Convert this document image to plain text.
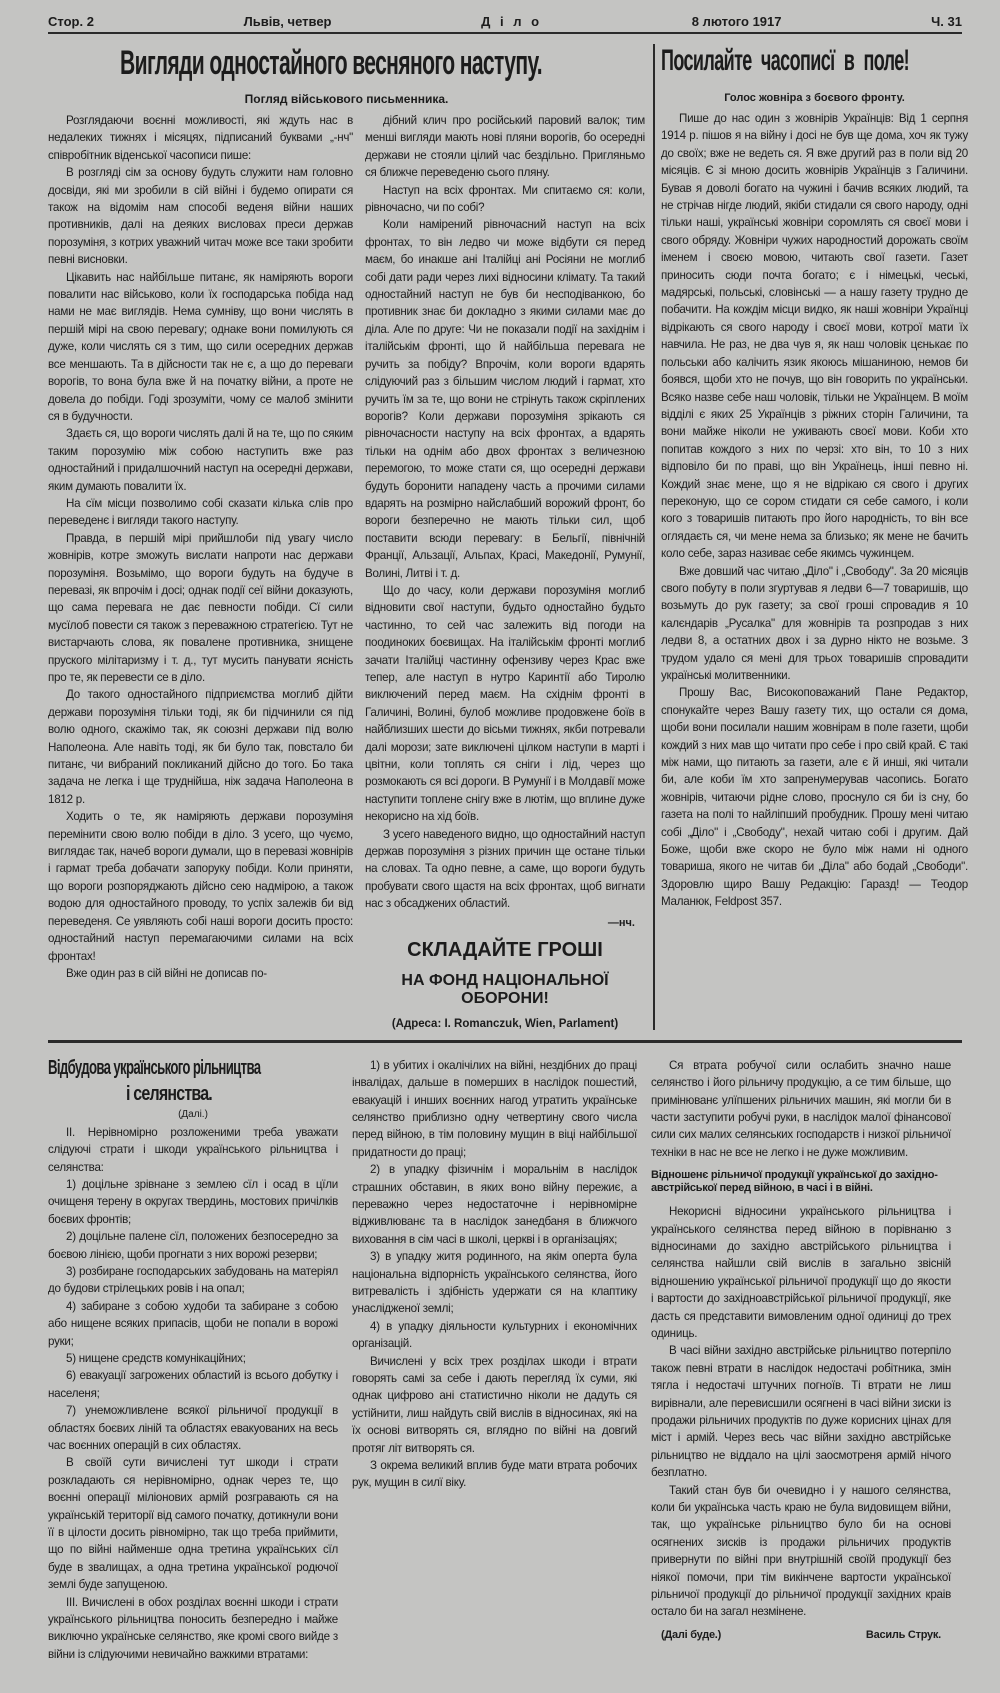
Стор. 2	Львів, четвер	Д і л о	8 лютого 1917	Ч. 31
Вигляди одностайного весняного наступу.
Погляд військового письменника.

Розглядаючи воєнні можливості, які ждуть нас в недалеких тижнях і місяцях, підписаний буквами „-нч" співробітник віденської часописи пише:

В розгляді сім за основу будуть служити нам головно досвіди, які ми зробили в сій війні і будемо опирати ся також на відомім нам способі веденя війни наших противників, далі на деяких висловах преси держав порозуміня, з котрих уважний читач може все таки зробити певні висновки.

Цікавить нас найбільше питанє, як наміряють вороги повалити нас військово, коли їх господарська побіда над нами не має виглядів. Нема сумніву, що вони числять в першій мірі на свою перевагу; однаке вони помилують ся дуже, коли числять ся з тим, що сили осередних держав все меншають. Та в дійсности так не є, а що до переваги ворогів, то вона була вже й на початку війни, а проте не довела до побіди. Годі зрозуміти, чому се малоб змінити ся в будучности.

Здаєть ся, що вороги числять далі й на те, що по сяким таким порозумію між собою наступить вже раз одностайний і придалшочний наступ на осередні держави, яким думають повалити їх.

На сїм місци позволимо собі сказати кілька слів про переведенє і вигляди такого наступу.

Правда, в першій мірі прийшлоби під увагу число жовнірів, котре зможуть вислати напроти нас держави порозуміня. Возьмімо, що вороги будуть на будуче в перевазі, як впрочім і досі; однак події сеї війни доказують, що сама перевага не дає певности побіди. Сї сили мусїлоб повести ся також з переважною стратегією. Тут не вистарчають слова, як повалене противника, знищене пруского мілітаризму і т. д., тут мусить панувати ясність про те, як перевести се в діло.

До такого одностайного підприємства моглиб дійти держави порозуміня тільки тоді, як би підчинили ся під волю одного, скажімо так, як союзні держави під волю Наполеона. Але навіть тоді, як би було так, повстало би питанє, чи вибраний покликаний дійсно до того. Бо така задача не легка і ще труднійша, ніж задача Наполеона в 1812 р.

Ходить о те, як наміряють держави порозуміня перемінити свою волю побіди в діло. З усего, що чуємо, виглядає так, начеб вороги думали, що в перевазі жовнірів і гармат треба добачати запоруку побіди. Коли приняти, що вороги розпоряджають дійсно сею надмірою, а також водою для одностайного проводу, то успіх залежів би від переведеня. Се уявляють собі наші вороги досить просто: одностайний наступ перемагаючими силами на всіх фронтах!

Вже один раз в сій війні не дописав по-

дібний клич про російський паровий валок; тим менші вигляди мають нові пляни ворогів, бо осередні держави не стояли цілий час бездільно. Пригляньмо ся ближче переведеню сього пляну.

Наступ на всіх фронтах. Ми спитаємо ся: коли, рівночасно, чи по собі?

Коли намірений рівночасний наступ на всіх фронтах, то він ледво чи може відбути ся перед маєм, бо инакше ані Італійці ані Росіяни не моглиб собі дати ради через лихі відносини клімату. Та такий одностайний наступ не був би несподіванкою, бо противник знає би докладно з якими силами має до діла. Але по друге: Чи не показали події на західнім і італійськім фронті, що й найбільша перевага не ручить за побіду? Впрочім, коли вороги вдарять слідуючий раз з більшим числом людий і гармат, хто ручить їм за те, що вони не стрінуть також скріплених ворогів? Коли держави порозуміня зрікають ся рівночасности наступу на всіх фронтах, а вдарять тільки на однім або двох фронтах з величезною перемогою, то може стати ся, що осередні держави будуть боронити нападену часть а прочими силами вдарять на розмірно найслабший ворожий фронт, бо вороги безперечно не мають тільки сил, щоб поставити всюди перевагу: в Бельгії, північній Франції, Альзації, Альпах, Красі, Македонії, Румунії, Волині, Литві і т. д.

Що до часу, коли держави порозуміня моглиб відновити свої наступи, будьто одностайно будьто частинно, то сей час залежить від погоди на поодиноких боєвищах. На італійськім фронті моглиб зачати Італійці частинну офензиву через Крас вже тепер, але наступ в нутро Каринтії або Тиролю виключений перед маєм. На східнім фронті в Галичині, Волині, булоб можливе продовжене боїв в найблизших шести до вісьми тижнях, якби потревали далі морози; зате виключені цілком наступи в марті і цвітни, коли топлять ся сніги і лід, через що розмокають ся всі дороги. В Румунії і в Молдавії може наступити топлене снігу вже в лютім, що вплине дуже некорисно на хід боїв.

З усего наведеного видно, що одностайний наступ держав порозуміня з різних причин ще остане тільки на словах. Та одно певне, а саме, що вороги будуть пробувати свого щастя на всіх фронтах, щоб вигнати нас з обсаджених областий.

—нч.
СКЛАДАЙТЕ ГРОШІ
НА ФОНД НАЦІОНАЛЬНОЇ ОБОРОНИ!
(Адреса: I. Romanczuk, Wien, Parlament)
Посилайте часописї в поле!
Голос жовніра з боєвого фронту.

Пише до нас один з жовнірів Українців: Від 1 серпня 1914 р. пішов я на війну і досі не був ще дома, хоч як тужу до своїх; вже не ведеть ся. Я вже другий раз в поли від 20 місяців. Є зі мною досить жовнірів Українців з Галичини. Бував я доволі богато на чужині і бачив всяких людий, та не стрічав нігде людий, якіби стидали ся свого народу, одні тільки наші, українські жовніри соромлять ся своєї мови і свого обряду. Жовніри чужих народностий дорожать своїм іменем і своєю мовою, читають свої газети. Газет приносить сюди почта богато; є і німецькі, чеські, мадярські, польські, словінські — а нашу газету трудно де побачити. На кождім місци видко, як наші жовніри Українці відрікають ся свого народу і своєї мови, котрої мати їх навчила. Не раз, не два чув я, як наш чоловік цєнькає по польськи або калічить язик якоюсь мішаниною, немов би боявся, щоби хто не почув, що він говорить по українськи. Всяко назве себе наш чоловік, тільки не Українцем. В моїм відділі є яких 25 Українців з ріжних сторін Галичини, та вони майже ніколи не уживають своєї мови. Коби хто попитав кождого з них по черзі: хто він, то 10 з них відповіло би по праві, що він Українець, інші певно ні. Кождий знає мене, що я не відрікаю ся свого і других переконую, що се сором стидати ся себе самого, і коли кого з товаришів питають про його народність, то він все оглядаєть ся, чи мене нема за близько; як мене не бачить коло себе, зараз називає себе якимсь чужинцем.

Вже довший час читаю „Діло" і „Свободу". За 20 місяців свого побуту в поли згуртував я ледви 6—7 товаришів, що возьмуть до рук газету; за свої гроші спровадив я 10 калєндарів „Русалка" для жовнірів та розпродав з них ледви 8, а остатних двох і за дурно нікто не возьме. З трудом удало ся мені для трьох товаришів спровадити українські молитвенники.

Прошу Вас, Високоповажаний Пане Редактор, спонукайте через Вашу газету тих, що остали ся дома, щоби вони посилали нашим жовнірам в поле газети, щоби кождий з них мав що читати про себе і про свій край. Є такі між нами, що питають за газети, але є й инші, які читали би, але коби їм хто запренумерував часопись. Богато жовнірів, читаючи рідне слово, проснуло ся би із сну, бо газета на полі то найліпший пробудник. Прошу мені читаю собі „Діло" і „Свободу", нехай читаю собі і другим. Дай Боже, щоби вже скоро не було між нами ні одного товариша, якого не читав би „Діла" або бодай „Свободи". Здоровлю щиро Вашу Редакцію: Гаразд! — Теодор Маланюк, Feldpost 357.

Відбудова українського рільництва
і селянства.
(Далі.)

II. Нерівномірно розложеними треба уважати слідуючі страти і шкоди українського рільництва і селянства:

1) доцільне зрівнане з землею сїл і осад в цїли очищеня терену в округах твердинь, мостових причілків боєвих фронтів;

2) доцільне палене сїл, положених безпосередно за боєвою лінією, щоби прогнати з них ворожі резерви;

3) розбиране господарських забудовань на матеріял до будови стрілецьких ровів і на опал;

4) забиране з собою худоби та забиране з собою або нищене всяких припасів, щоби не попали в ворожі руки;

5) нищене средств комунікаційних;

6) евакуації загрожених областий із всього добутку і населеня;

7) унеможливлене всякої рільничої продукції в областях боєвих ліній та областях евакуованих на весь час воєнних операцій в сих областях.

В своїй сути вичислені тут шкоди і страти розкладають ся нерівномірно, однак через те, що воєнні операції міліонових армій розгравають ся на українській території від самого початку, дотикнули вони її в цілости досить рівномірно, так що треба приймити, що по війні найменше одна третина українських сїл буде в звалищах, а одна третина української родючої землі буде запущеною.

III. Вичислені в обох розділах воєнні шкоди і страти українського рільництва поносить безпередно і майже виключно українське селянство, яке кромі свого вийде з війни із слідуючими невичайно важкими втратами:

1) в убитих і окалічілих на війні, нездібних до праці інвалідах, дальше в померших в наслідок пошестий, евакуацій і инших воєнних нагод утратить українське селянство приблизно одну четвертину свого числа перед війною, в тім половину мущин в віці найбільшої придатности до праці;

2) в упадку фізичнім і моральнім в наслідок страшних обставин, в яких воно війну пережиє, а переважно через недостаточне і нерівномірне відживлюванє та в наслідок занедбаня в ближчого виховання в сім часі в школі, церкві і в організаціях;

3) в упадку житя родинного, на якім оперта була національна відпорність українського селянства, його витревалість і здібність удержати ся на клаптику унаслідженої землі;

4) в упадку діяльности культурних і економічних організацій.

Вичислені у всіх трех розділах шкоди і втрати говорять самі за себе і дають перегляд їх суми, які однак цифрово ані статистично ніколи не дадуть ся устійнити, лиш найдуть свій вислів в відносинах, які на їх основі витворять ся, вглядно по війні на довгий протяг літ витворять ся.

З окрема великий вплив буде мати втрата робочих рук, мущин в силї віку.

Ся втрата робучої сили ослабить значно наше селянство і його рільничу продукцію, а се тим більше, що примінюванє улїпшених рільничих машин, які могли би в части заступити робучі руки, в наслідок малої фінансової сили сих малих селянських господарств і низкої рільничої техніки в нас не все не легко і не дуже можливим.

Відношенє рільничої продукції української до західно-австрійської перед війною, в часі і в війні.

Некорисні відносини українського рільництва і українського селянства перед війною в порівнаню з відносинами до західно австрійського рільництва і селянства найшли свій вислів в загально звісній відношению української рільничої продукції що до якости і вартости до західноавстрійської рільничої продукції, яке дасть ся представити вимовленим одної одиниці до трех одиниць.

В часі війни західно австрійське рільництво потерпіло також певні втрати в наслідок недостачі робітника, змін тягла і недостачі штучних погноїв. Ті втрати не лиш вирівнали, але перевисшили осягнені в часі війни зиски із продажи рільничих продуктів по дуже корисних цінах для міст і армій. Через весь час війни західно австрійське рільництво не віддало на цілі заосмотреня армій нічого безплатно.

Такий стан був би очевидно і у нашого селянства, коли би українська часть краю не була видовищем війни, так, що українське рільництво було би на основі осягнених зисків із продажи рільничих продуктів привернути по війні при внутрішній своїй продукції без ніякої помочи, при тім викінчене вартости української рільничої продукції до рільничої продукції західних краів остало би на загал незмінене.

(Далі буде.)	Василь Струк.
